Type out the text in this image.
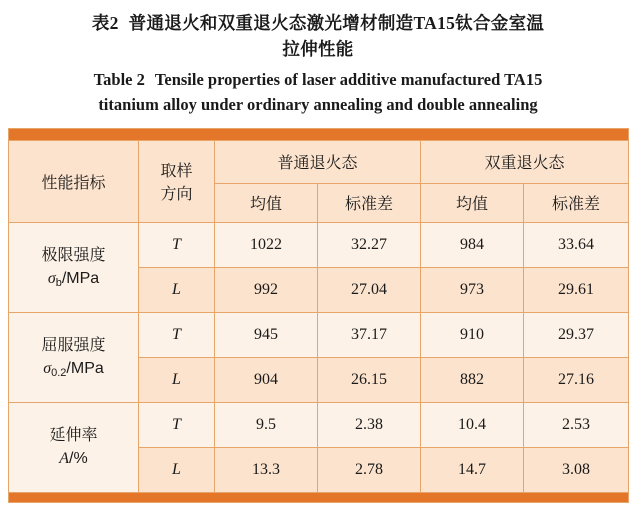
表2 普通退火和双重退火态激光增材制造TA15钛合金室温
拉伸性能
Table 2 Tensile properties of laser additive manufactured TA15
titanium alloy under ordinary annealing and double annealing

性能指标	取样
方向	普通退火态		双重退火态	
		均值	标准差	均值	标准差

极限强度
$\sigma_b$/MPa	T	1022	32.27	984	33.64
	L	992	27.04	973	29.61

屈服强度
$\sigma_{0.2}$/MPa	T	945	37.17	910	29.37
	L	904	26.15	882	27.16

延伸率
A/%	T	9.5	2.38	10.4	2.53
	L	13.3	2.78	14.7	3.08
